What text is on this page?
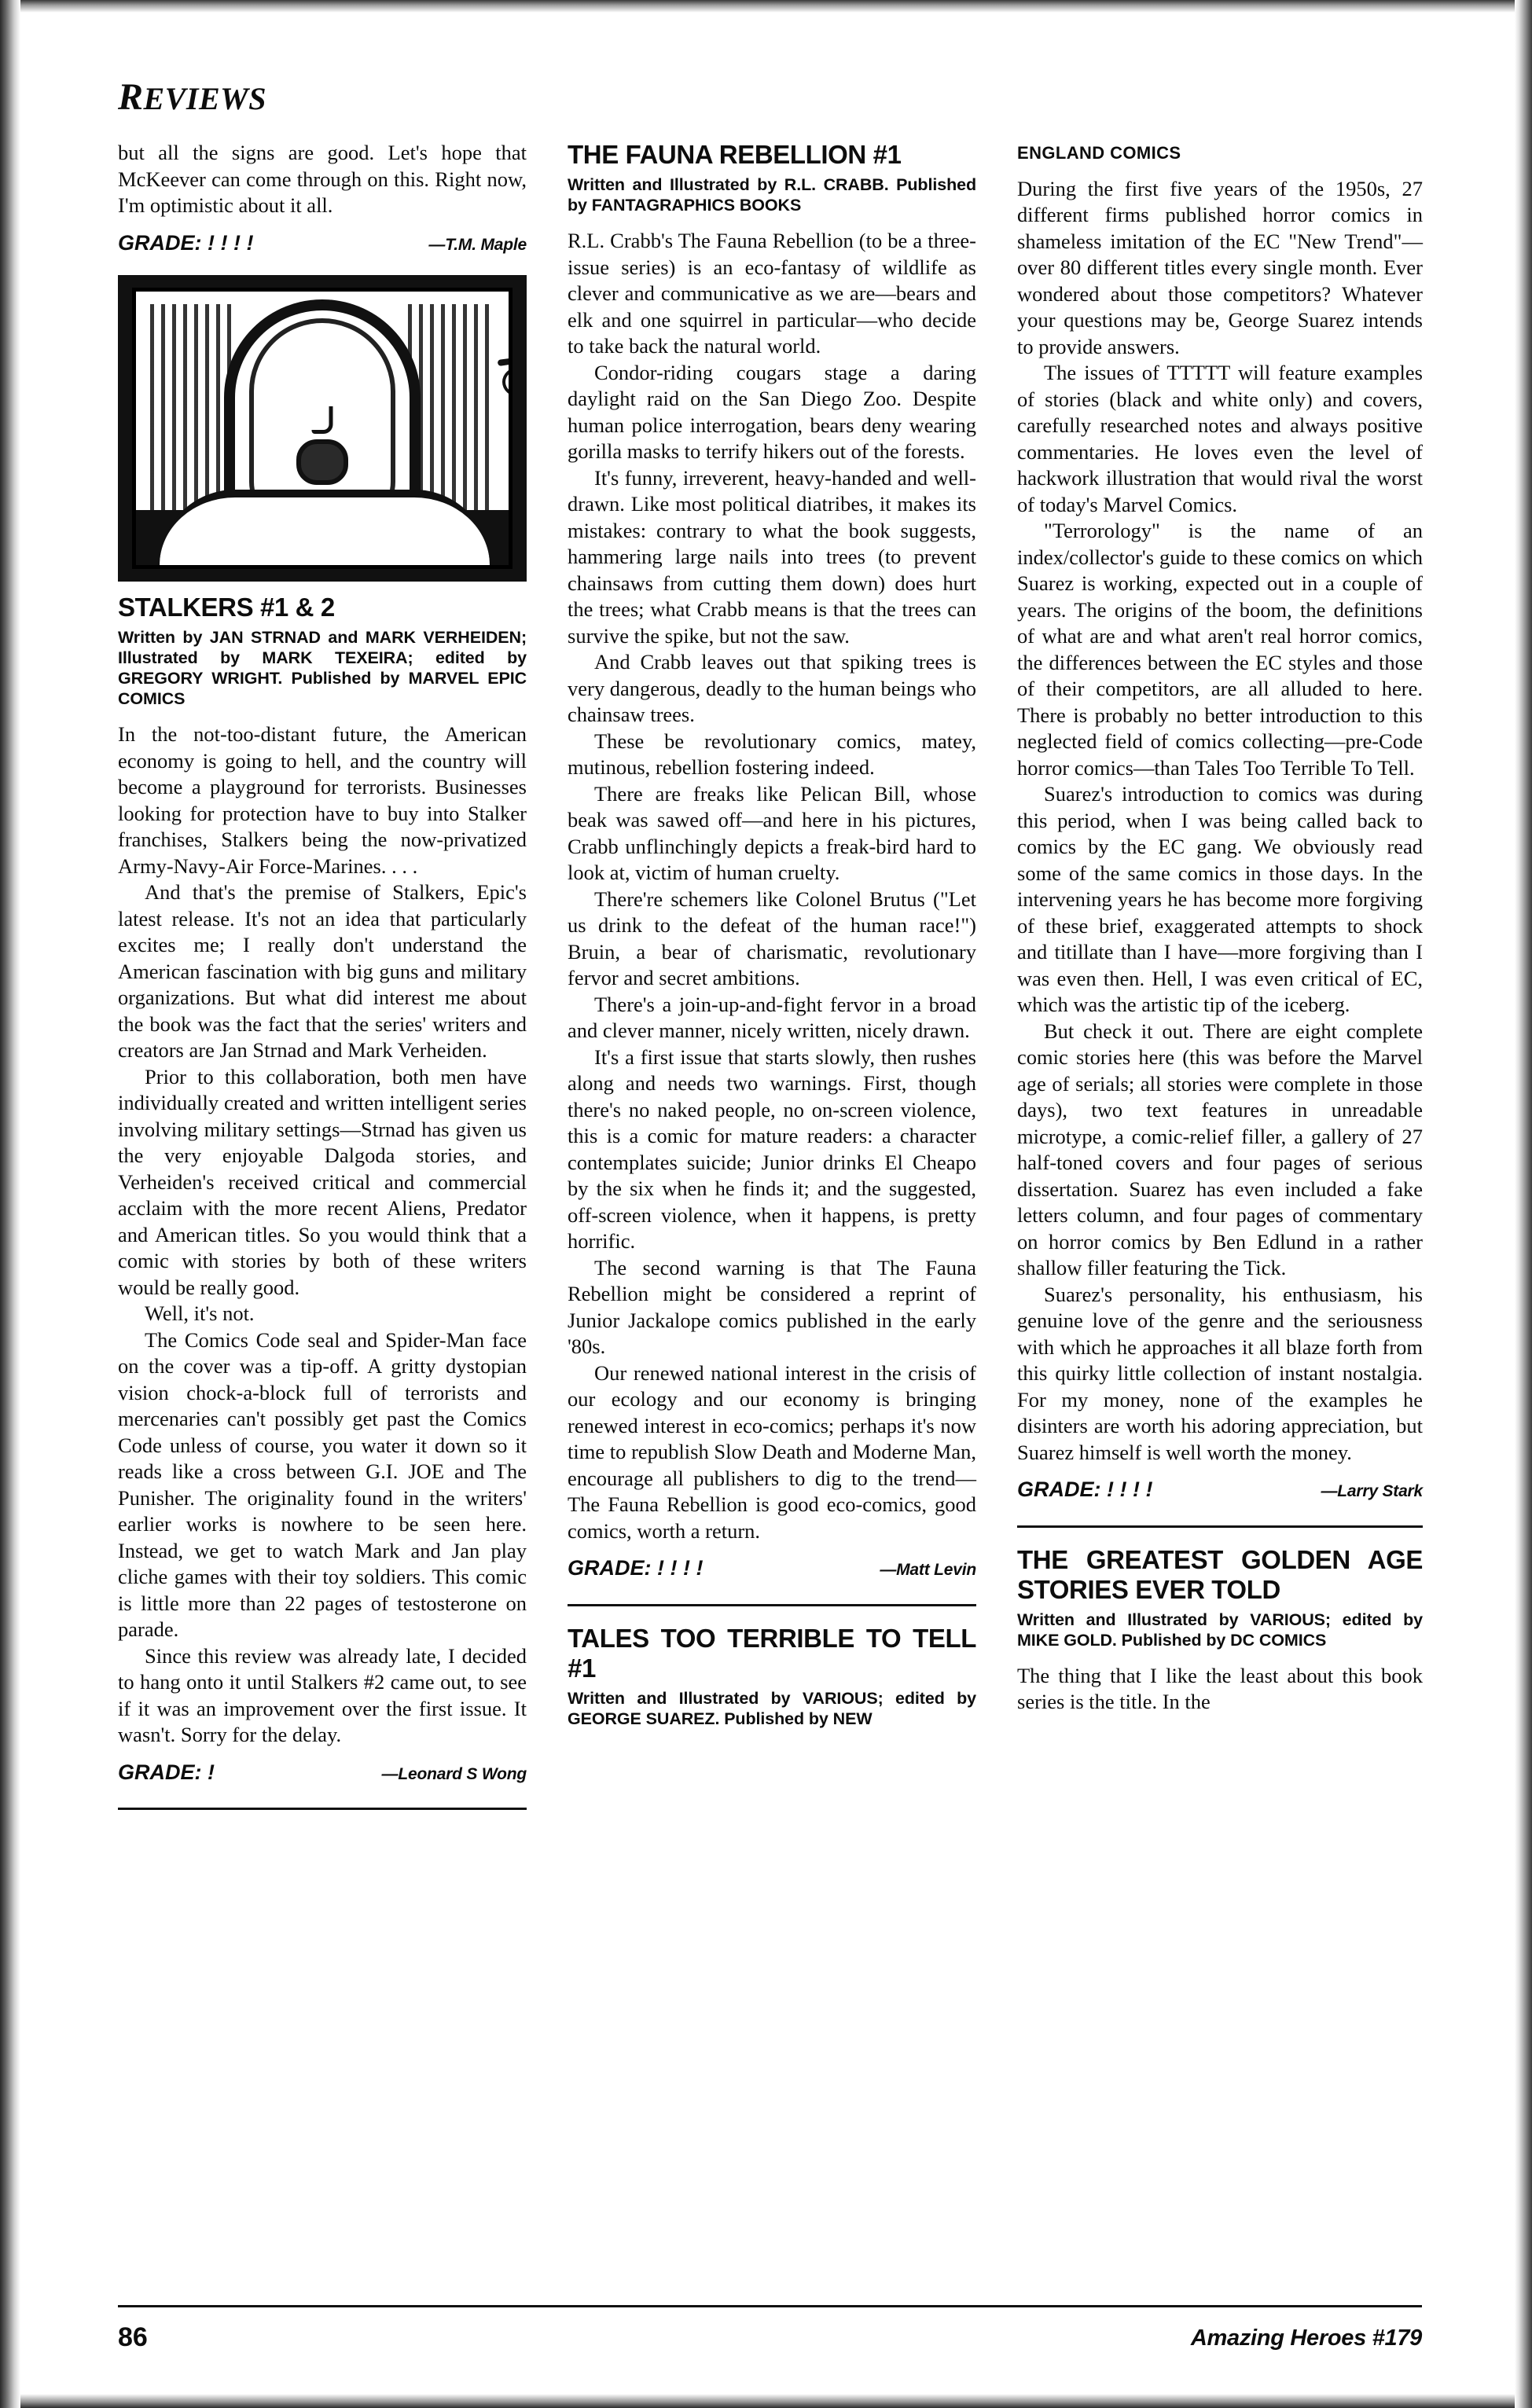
REVIEWS

but all the signs are good. Let's hope that McKeever can come through on this. Right now, I'm optimistic about it all.

GRADE: ! ! ! !	—T.M. Maple
STALKERS #1 & 2
Written by JAN STRNAD and MARK VERHEIDEN; Illustrated by MARK TEXEIRA; edited by GREGORY WRIGHT. Published by MARVEL EPIC COMICS

In the not-too-distant future, the American economy is going to hell, and the country will become a playground for terrorists. Businesses looking for protection have to buy into Stalker franchises, Stalkers being the now-privatized Army-Navy-Air Force-Marines. . . .

And that's the premise of Stalkers, Epic's latest release. It's not an idea that particularly excites me; I really don't understand the American fascination with big guns and military organizations. But what did interest me about the book was the fact that the series' writers and creators are Jan Strnad and Mark Verheiden.

Prior to this collaboration, both men have individually created and written intelligent series involving military settings—Strnad has given us the very enjoyable Dalgoda stories, and Verheiden's received critical and commercial acclaim with the more recent Aliens, Predator and American titles. So you would think that a comic with stories by both of these writers would be really good.

Well, it's not.

The Comics Code seal and Spider-Man face on the cover was a tip-off. A gritty dystopian vision chock-a-block full of terrorists and mercenaries can't possibly get past the Comics Code unless of course, you water it down so it reads like a cross between G.I. JOE and The Punisher. The originality found in the writers' earlier works is nowhere to be seen here. Instead, we get to watch Mark and Jan play cliche games with their toy soldiers. This comic is little more than 22 pages of testosterone on parade.

Since this review was already late, I decided to hang onto it until Stalkers #2 came out, to see if it was an improvement over the first issue. It wasn't. Sorry for the delay.

GRADE: !	—Leonard S Wong
THE FAUNA REBELLION #1
Written and Illustrated by R.L. CRABB. Published by FANTAGRAPHICS BOOKS

R.L. Crabb's The Fauna Rebellion (to be a three-issue series) is an eco-fantasy of wildlife as clever and communicative as we are—bears and elk and one squirrel in particular—who decide to take back the natural world.

Condor-riding cougars stage a daring daylight raid on the San Diego Zoo. Despite human police interrogation, bears deny wearing gorilla masks to terrify hikers out of the forests.

It's funny, irreverent, heavy-handed and well-drawn. Like most political diatribes, it makes its mistakes: contrary to what the book suggests, hammering large nails into trees (to prevent chainsaws from cutting them down) does hurt the trees; what Crabb means is that the trees can survive the spike, but not the saw.

And Crabb leaves out that spiking trees is very dangerous, deadly to the human beings who chainsaw trees.

These be revolutionary comics, matey, mutinous, rebellion fostering indeed.

There are freaks like Pelican Bill, whose beak was sawed off—and here in his pictures, Crabb unflinchingly depicts a freak-bird hard to look at, victim of human cruelty.

There're schemers like Colonel Brutus ("Let us drink to the defeat of the human race!") Bruin, a bear of charismatic, revolutionary fervor and secret ambitions.

There's a join-up-and-fight fervor in a broad and clever manner, nicely written, nicely drawn.

It's a first issue that starts slowly, then rushes along and needs two warnings. First, though there's no naked people, no on-screen violence, this is a comic for mature readers: a character contemplates suicide; Junior drinks El Cheapo by the six when he finds it; and the suggested, off-screen violence, when it happens, is pretty horrific.

The second warning is that The Fauna Rebellion might be considered a reprint of Junior Jackalope comics published in the early '80s.

Our renewed national interest in the crisis of our ecology and our economy is bringing renewed interest in eco-comics; perhaps it's now time to republish Slow Death and Moderne Man, encourage all publishers to dig to the trend—The Fauna Rebellion is good eco-comics, good comics, worth a return.

GRADE: ! ! ! !	—Matt Levin
TALES TOO TERRIBLE TO TELL #1
Written and Illustrated by VARIOUS; edited by GEORGE SUAREZ. Published by NEW
ENGLAND COMICS

During the first five years of the 1950s, 27 different firms published horror comics in shameless imitation of the EC "New Trend"—over 80 different titles every single month. Ever wondered about those competitors? Whatever your questions may be, George Suarez intends to provide answers.

The issues of TTTTT will feature examples of stories (black and white only) and covers, carefully researched notes and always positive commentaries. He loves even the level of hackwork illustration that would rival the worst of today's Marvel Comics.

"Terrorology" is the name of an index/collector's guide to these comics on which Suarez is working, expected out in a couple of years. The origins of the boom, the definitions of what are and what aren't real horror comics, the differences between the EC styles and those of their competitors, are all alluded to here. There is probably no better introduction to this neglected field of comics collecting—pre-Code horror comics—than Tales Too Terrible To Tell.

Suarez's introduction to comics was during this period, when I was being called back to comics by the EC gang. We obviously read some of the same comics in those days. In the intervening years he has become more forgiving of these brief, exaggerated attempts to shock and titillate than I have—more forgiving than I was even then. Hell, I was even critical of EC, which was the artistic tip of the iceberg.

But check it out. There are eight complete comic stories here (this was before the Marvel age of serials; all stories were complete in those days), two text features in unreadable microtype, a comic-relief filler, a gallery of 27 half-toned covers and four pages of serious dissertation. Suarez has even included a fake letters column, and four pages of commentary on horror comics by Ben Edlund in a rather shallow filler featuring the Tick.

Suarez's personality, his enthusiasm, his genuine love of the genre and the seriousness with which he approaches it all blaze forth from this quirky little collection of instant nostalgia. For my money, none of the examples he disinters are worth his adoring appreciation, but Suarez himself is well worth the money.

GRADE: ! ! ! !	—Larry Stark
THE GREATEST GOLDEN AGE STORIES EVER TOLD
Written and Illustrated by VARIOUS; edited by MIKE GOLD. Published by DC COMICS

The thing that I like the least about this book series is the title. In the

86	Amazing Heroes #179
